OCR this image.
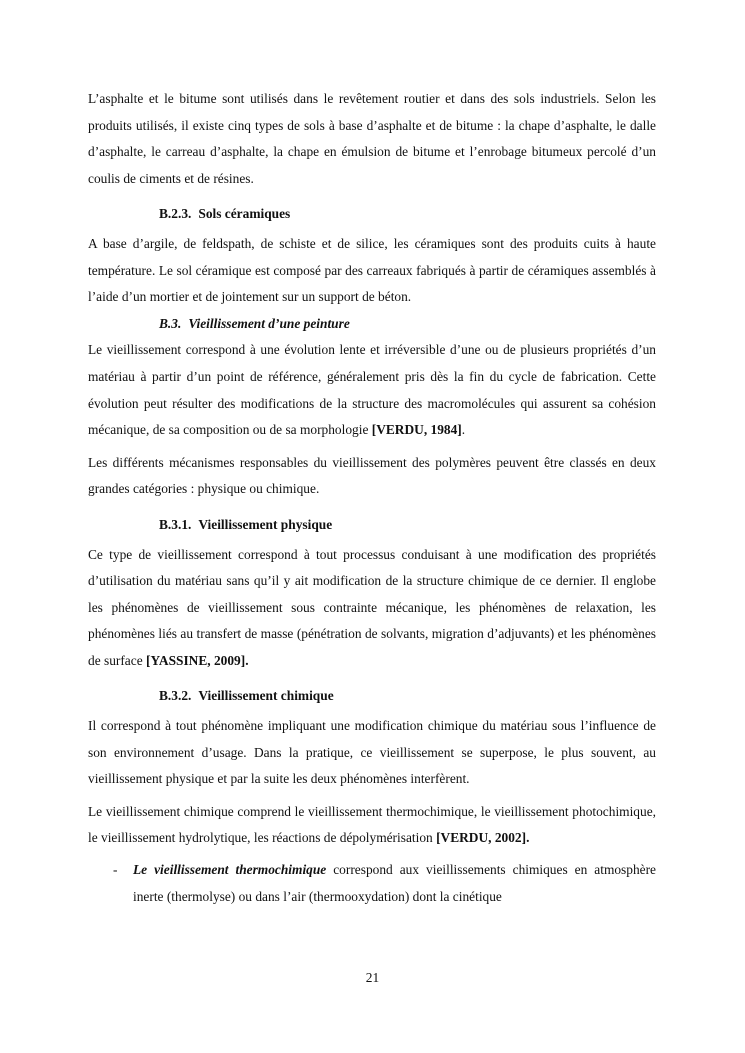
L’asphalte et le bitume sont utilisés dans le revêtement routier et dans des sols industriels. Selon les produits utilisés, il existe cinq types de sols à base d’asphalte et de bitume : la chape d’asphalte, le dalle d’asphalte, le carreau d’asphalte, la chape en émulsion de bitume et l’enrobage bitumeux percolé d’un coulis de ciments et de résines.

B.2.3. Sols céramiques

A base d’argile, de feldspath, de schiste et de silice, les céramiques sont des produits cuits à haute température. Le sol céramique est composé par des carreaux fabriqués à partir de céramiques assemblés à l’aide d’un mortier et de jointement sur un support de béton.

B.3. Vieillissement d’une peinture

Le vieillissement correspond à une évolution lente et irréversible d’une ou de plusieurs propriétés d’un matériau à partir d’un point de référence, généralement pris dès la fin du cycle de fabrication. Cette évolution peut résulter des modifications de la structure des macromolécules qui assurent sa cohésion mécanique, de sa composition ou de sa morphologie [VERDU, 1984].

Les différents mécanismes responsables du vieillissement des polymères peuvent être classés en deux grandes catégories : physique ou chimique.

B.3.1. Vieillissement physique

Ce type de vieillissement correspond à tout processus conduisant à une modification des propriétés d’utilisation du matériau sans qu’il y ait modification de la structure chimique de ce dernier. Il englobe les phénomènes de vieillissement sous contrainte mécanique, les phénomènes de relaxation, les phénomènes liés au transfert de masse (pénétration de solvants, migration d’adjuvants) et les phénomènes de surface [YASSINE, 2009].

B.3.2. Vieillissement chimique

Il correspond à tout phénomène impliquant une modification chimique du matériau sous l’influence de son environnement d’usage. Dans la pratique, ce vieillissement se superpose, le plus souvent, au vieillissement physique et par la suite les deux phénomènes interfèrent.

Le vieillissement chimique comprend le vieillissement thermochimique, le vieillissement photochimique, le vieillissement hydrolytique, les réactions de dépolymérisation [VERDU, 2002].

- Le vieillissement thermochimique correspond aux vieillissements chimiques en atmosphère inerte (thermolyse) ou dans l’air (thermooxydation) dont la cinétique

21
